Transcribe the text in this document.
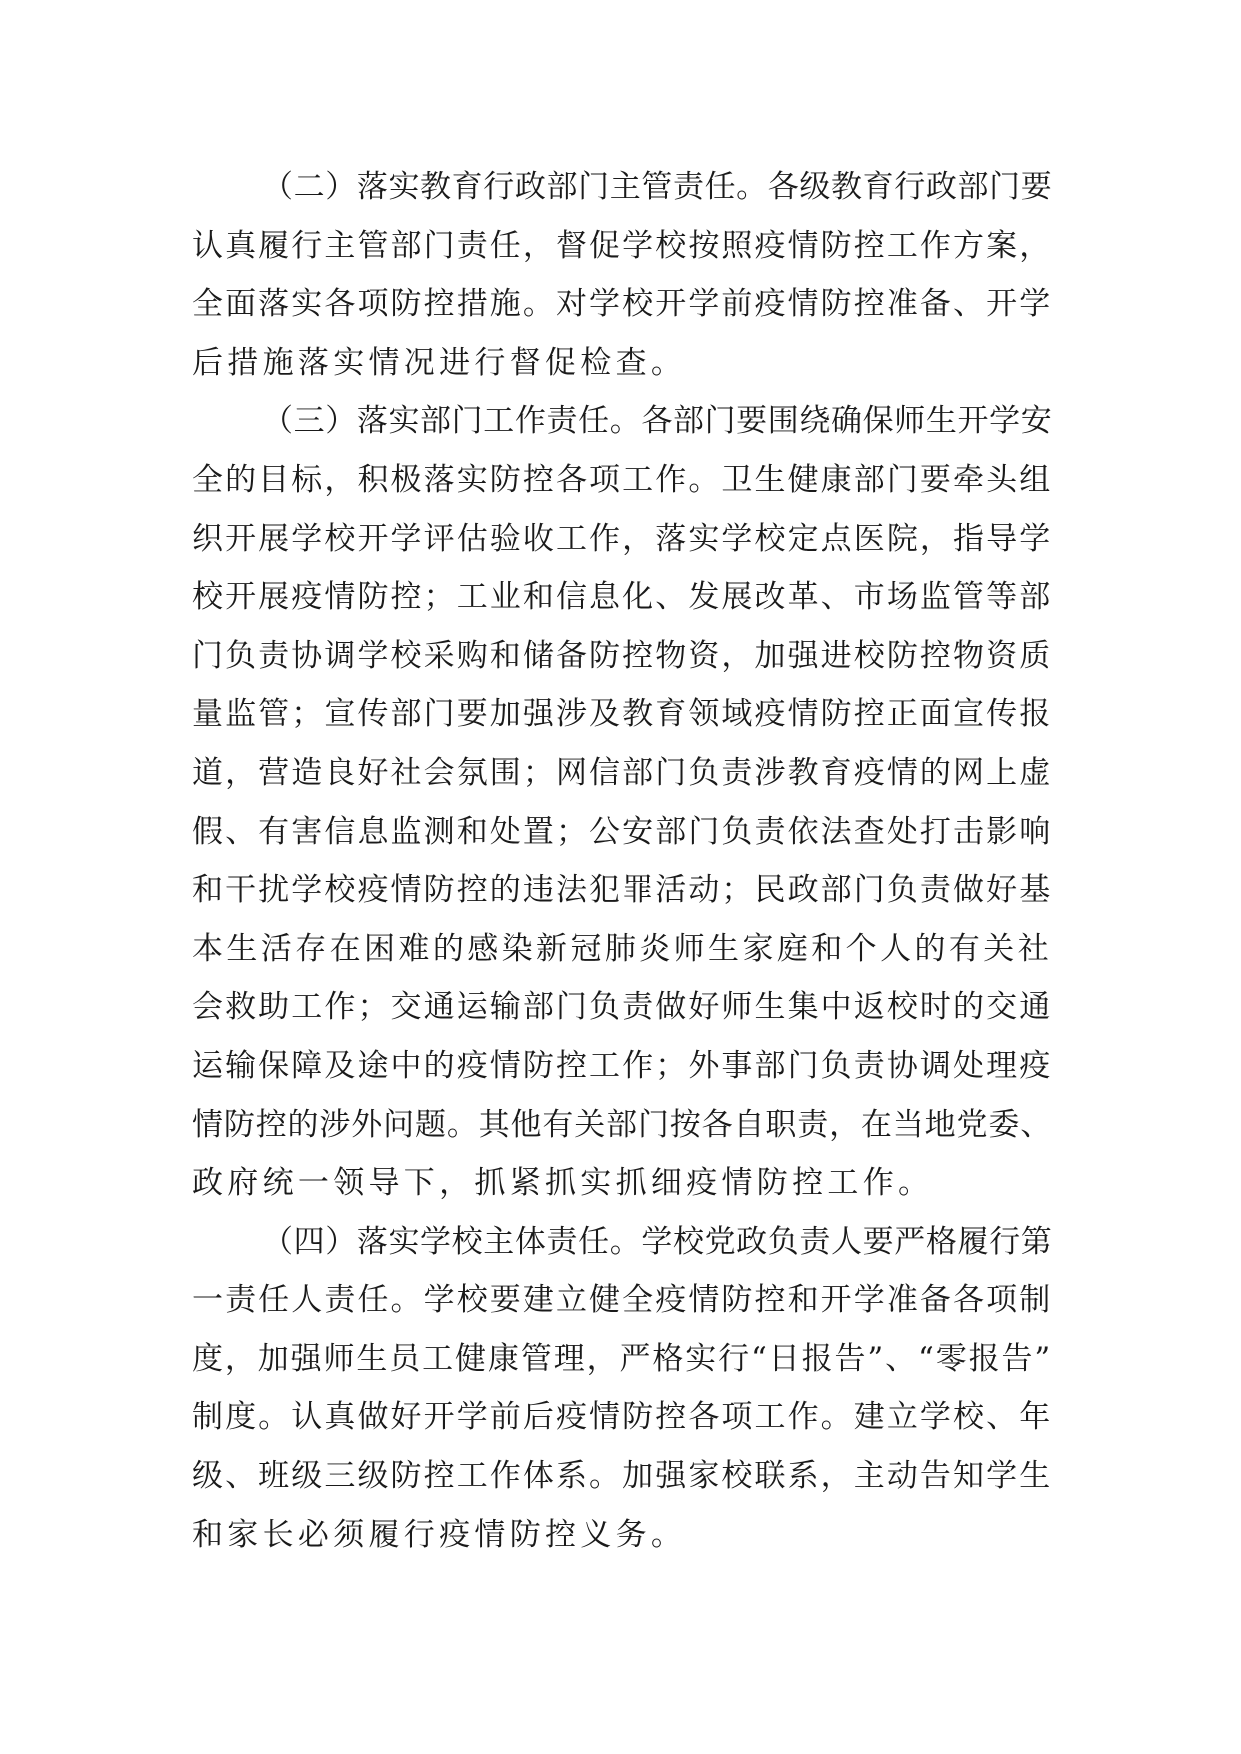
（二）落实教育行政部门主管责任。各级教育行政部门要
认真履行主管部门责任，督促学校按照疫情防控工作方案，
全面落实各项防控措施。对学校开学前疫情防控准备、开学
后措施落实情况进行督促检查。
（三）落实部门工作责任。各部门要围绕确保师生开学安
全的目标，积极落实防控各项工作。卫生健康部门要牵头组
织开展学校开学评估验收工作，落实学校定点医院，指导学
校开展疫情防控；工业和信息化、发展改革、市场监管等部
门负责协调学校采购和储备防控物资，加强进校防控物资质
量监管；宣传部门要加强涉及教育领域疫情防控正面宣传报
道，营造良好社会氛围；网信部门负责涉教育疫情的网上虚
假、有害信息监测和处置；公安部门负责依法查处打击影响
和干扰学校疫情防控的违法犯罪活动；民政部门负责做好基
本生活存在困难的感染新冠肺炎师生家庭和个人的有关社
会救助工作；交通运输部门负责做好师生集中返校时的交通
运输保障及途中的疫情防控工作；外事部门负责协调处理疫
情防控的涉外问题。其他有关部门按各自职责，在当地党委、
政府统一领导下，抓紧抓实抓细疫情防控工作。
（四）落实学校主体责任。学校党政负责人要严格履行第
一责任人责任。学校要建立健全疫情防控和开学准备各项制
度，加强师生员工健康管理，严格实行“日报告”、“零报告”
制度。认真做好开学前后疫情防控各项工作。建立学校、年
级、班级三级防控工作体系。加强家校联系，主动告知学生
和家长必须履行疫情防控义务。
